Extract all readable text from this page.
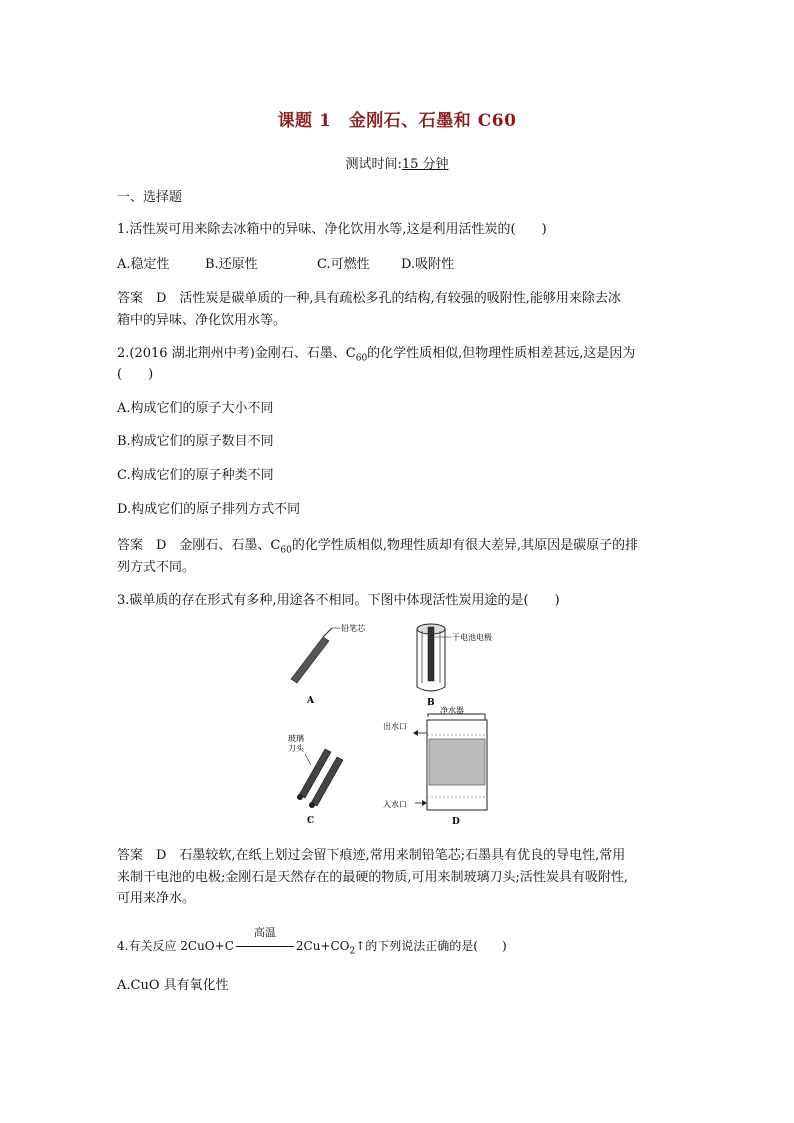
课题 1　金刚石、石墨和 C60
测试时间:15 分钟
一、选择题
1.活性炭可用来除去冰箱中的异味、净化饮用水等,这是利用活性炭的(　　)
A.稳定性	B.还原性	C.可燃性 D.吸附性
答案　D　活性炭是碳单质的一种,具有疏松多孔的结构,有较强的吸附性,能够用来除去冰
箱中的异味、净化饮用水等。
2.(2016 湖北荆州中考)金刚石、石墨、$C_{60}$的化学性质相似,但物理性质相差甚远,这是因为
(　　)
A.构成它们的原子大小不同
B.构成它们的原子数目不同
C.构成它们的原子种类不同
D.构成它们的原子排列方式不同
答案　D　金刚石、石墨、$C_{60}$的化学性质相似,物理性质却有很大差异,其原因是碳原子的排
列方式不同。
3.碳单质的存在形式有多种,用途各不相同。下图中体现活性炭用途的是(　　)
铅笔芯
A
干电池电极
B
玻璃
刀头
C
净水器
出水口
入水口
D
答案　D　石墨较软,在纸上划过会留下痕迹,常用来制铅笔芯;石墨具有优良的导电性,常用
来制干电池的电极;金刚石是天然存在的最硬的物质,可用来制玻璃刀头;活性炭具有吸附性,
可用来净水。
4.有关反应 2CuO+C
高温
$2Cu+CO_2↑$的下列说法正确的是(　　)
A.CuO 具有氧化性
